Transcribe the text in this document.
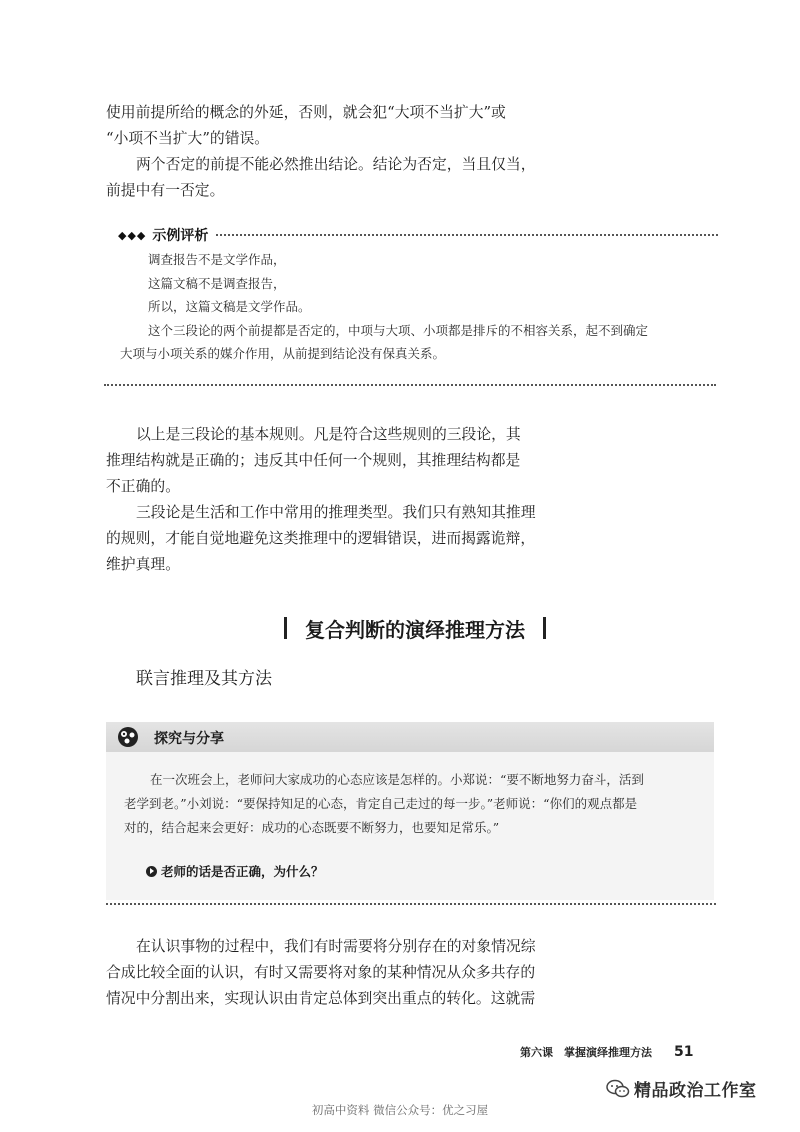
使用前提所给的概念的外延，否则，就会犯“大项不当扩大”或
“小项不当扩大”的错误。
两个否定的前提不能必然推出结论。结论为否定，当且仅当，
前提中有一否定。
◆◆◆ 示例评析
调查报告不是文学作品，
这篇文稿不是调查报告，
所以，这篇文稿是文学作品。
这个三段论的两个前提都是否定的，中项与大项、小项都是排斥的不相容关系，起不到确定
大项与小项关系的媒介作用，从前提到结论没有保真关系。
以上是三段论的基本规则。凡是符合这些规则的三段论，其
推理结构就是正确的；违反其中任何一个规则，其推理结构都是
不正确的。
三段论是生活和工作中常用的推理类型。我们只有熟知其推理
的规则，才能自觉地避免这类推理中的逻辑错误，进而揭露诡辩，
维护真理。
复合判断的演绎推理方法
联言推理及其方法
探究与分享
在一次班会上，老师问大家成功的心态应该是怎样的。小郑说：“要不断地努力奋斗，活到
老学到老。”小刘说：“要保持知足的心态，肯定自己走过的每一步。”老师说：“你们的观点都是
对的，结合起来会更好：成功的心态既要不断努力，也要知足常乐。”
老师的话是否正确，为什么？
在认识事物的过程中，我们有时需要将分别存在的对象情况综
合成比较全面的认识，有时又需要将对象的某种情况从众多共存的
情况中分割出来，实现认识由肯定总体到突出重点的转化。这就需
第六课　掌握演绎推理方法 51
精品政治工作室
初高中资料 微信公众号：优之习屋
